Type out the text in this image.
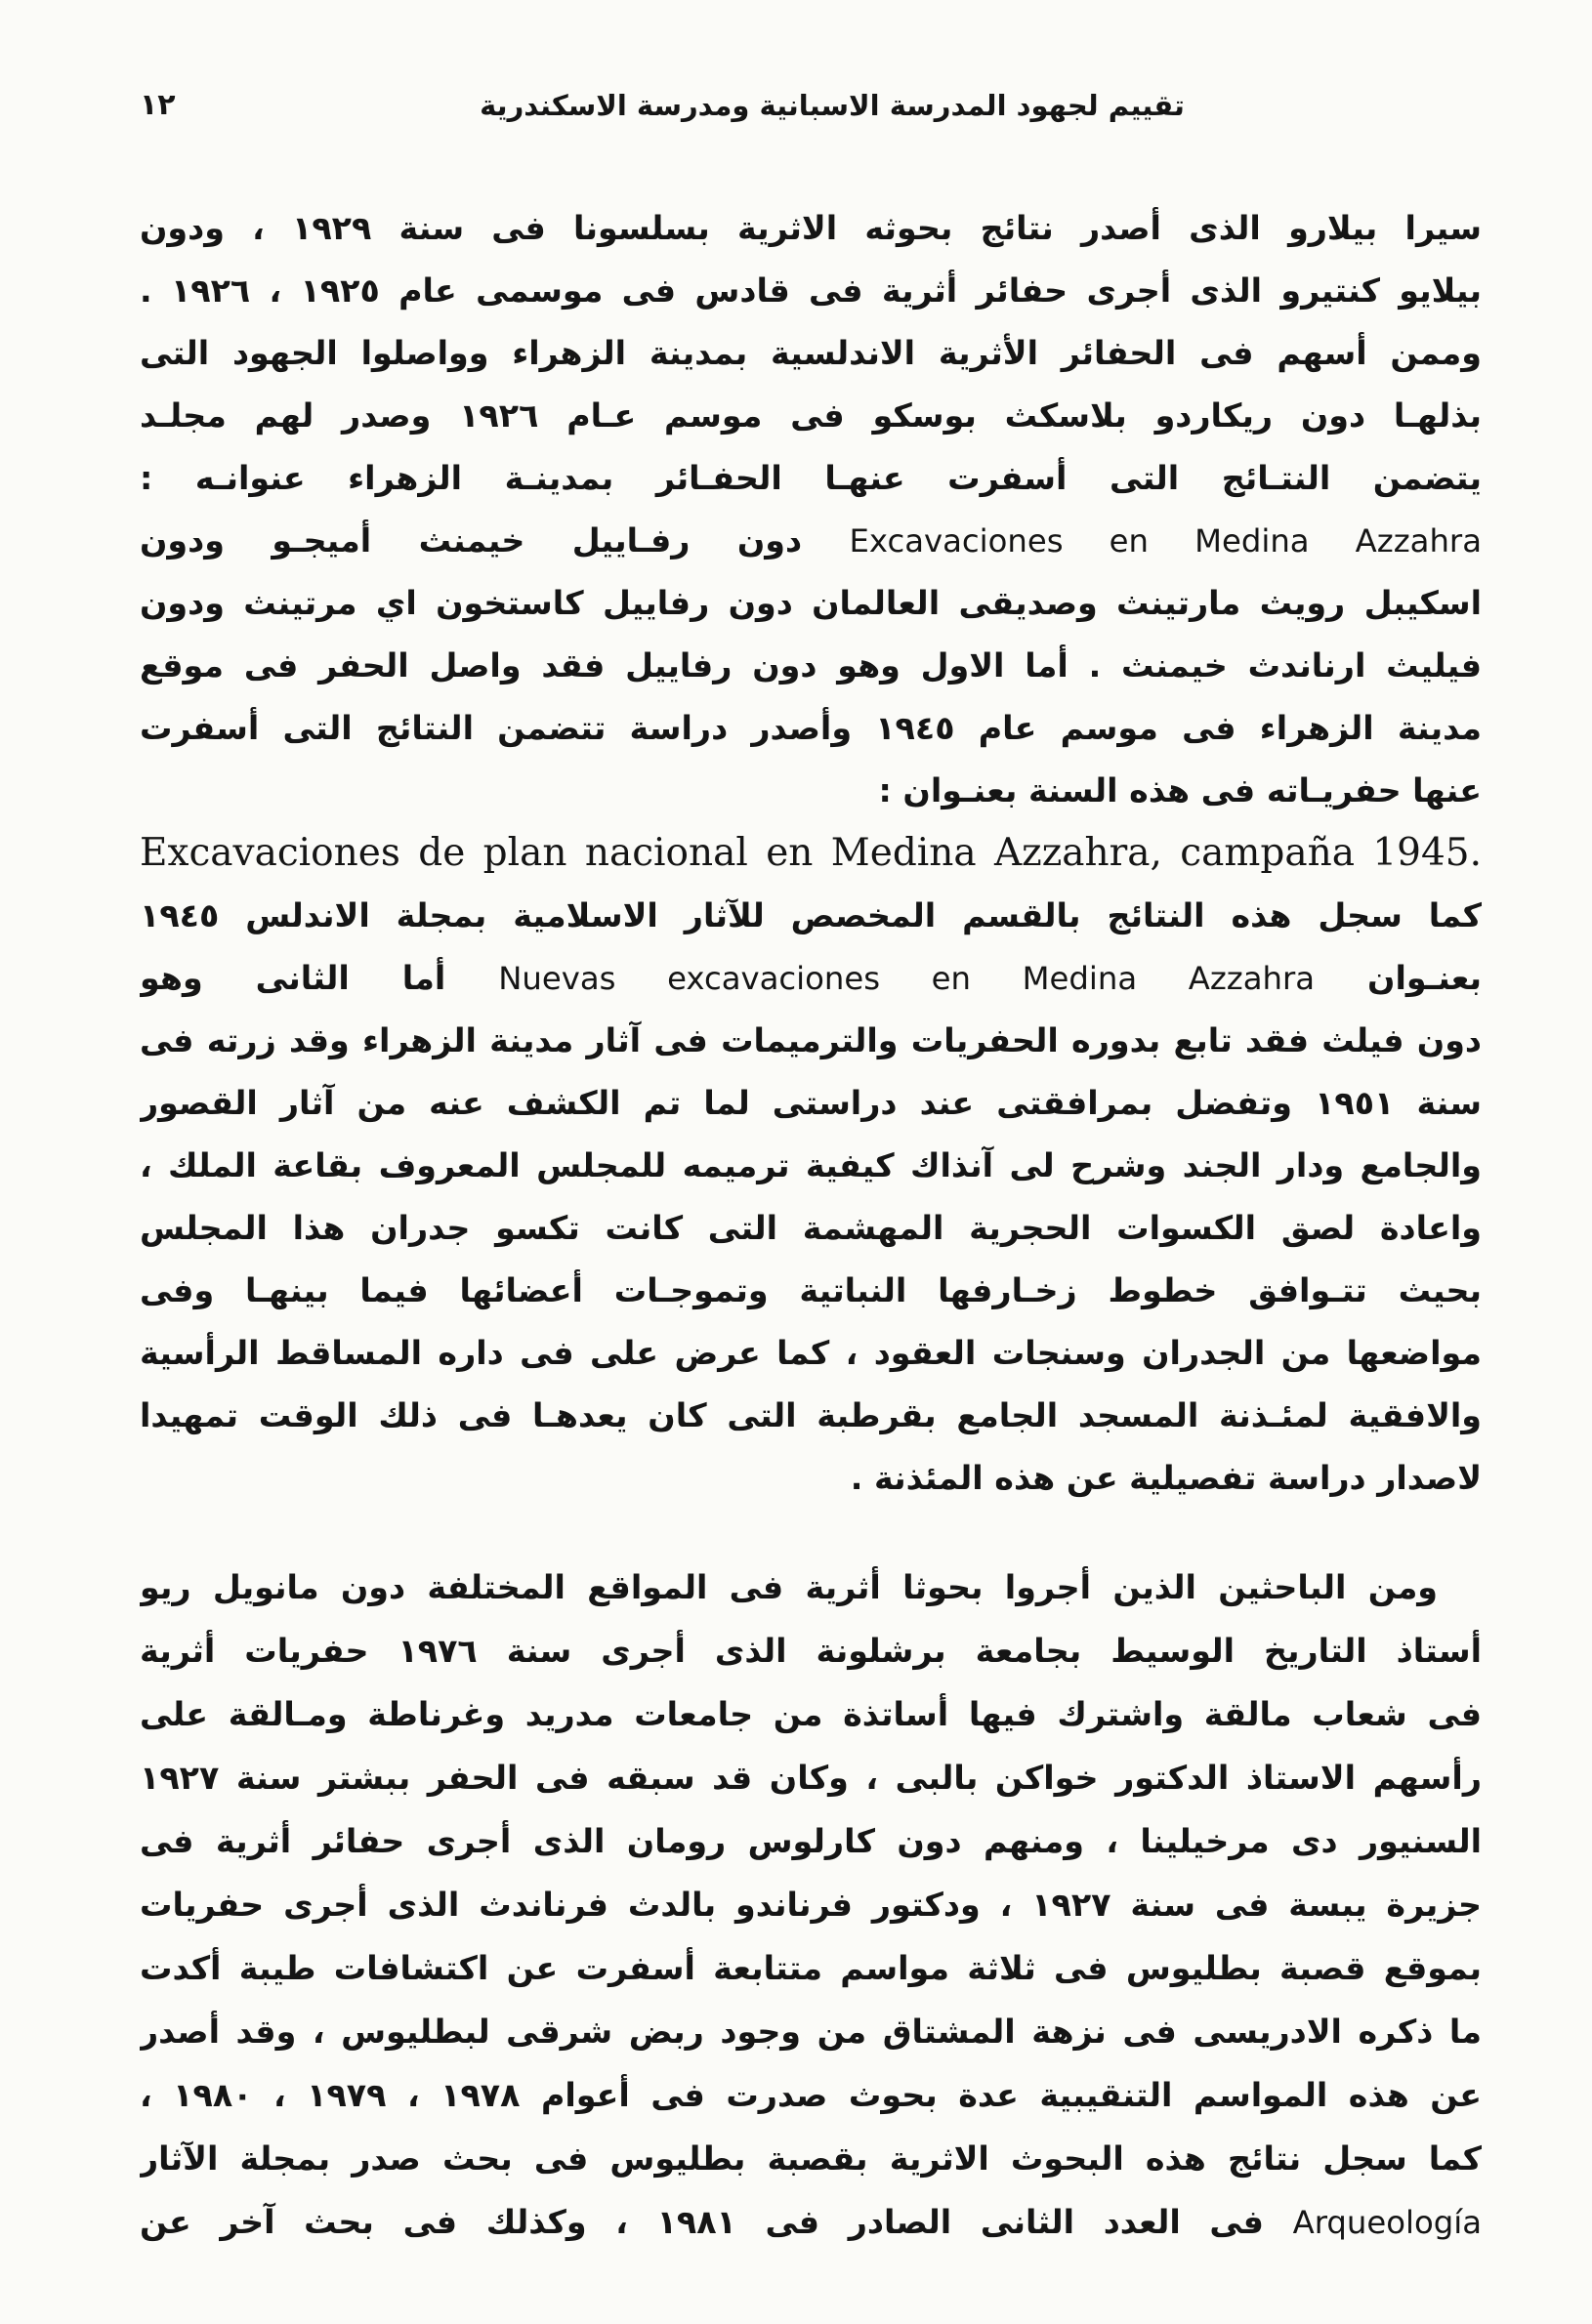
تقييم لجهود المدرسة الاسبانية ومدرسة الاسكندرية
١٢
سيرا بيلارو الذى أصدر نتائج بحوثه الاثرية بسلسونا فى سنة ١٩٢٩ ، ودون
بيلايو كنتيرو الذى أجرى حفائر أثرية فى قادس فى موسمى عام ١٩٢٥ ، ١٩٢٦ .
وممن أسهم فى الحفائر الأثرية الاندلسية بمدينة الزهراء وواصلوا الجهود التى
بذلهـا دون ريكاردو بلاسكث بوسكو فى موسم عـام ١٩٢٦ وصدر لهم مجلـد
يتضمن النتـائج التى أسفرت عنهـا الحفـائر بمدينـة الزهراء عنوانـه :
Excavaciones en Medina Azzahra دون رفـاييل خيمنث أميجـو ودون
اسكيبل رويث مارتينث وصديقى العالمان دون رفاييل كاستخون اي مرتينث ودون
فيليث ارناندث خيمنث . أما الاول وهو دون رفاييل فقد واصل الحفر فى موقع
مدينة الزهراء فى موسم عام ١٩٤٥ وأصدر دراسة تتضمن النتائج التى أسفرت
عنها حفريـاته فى هذه السنة بعنـوان :
Excavaciones de plan nacional en Medina Azzahra, campaña 1945.
كما سجل هذه النتائج بالقسم المخصص للآثار الاسلامية بمجلة الاندلس ١٩٤٥
بعنـوان Nuevas excavaciones en Medina Azzahra أما الثانى وهو
دون فيلث فقد تابع بدوره الحفريات والترميمات فى آثار مدينة الزهراء وقد زرته فى
سنة ١٩٥١ وتفضل بمرافقتى عند دراستى لما تم الكشف عنه من آثار القصور
والجامع ودار الجند وشرح لى آنذاك كيفية ترميمه للمجلس المعروف بقاعة الملك ،
واعادة لصق الكسوات الحجرية المهشمة التى كانت تكسو جدران هذا المجلس
بحيث تتـوافق خطوط زخـارفها النباتية وتموجـات أعضائها فيما بينهـا وفى
مواضعها من الجدران وسنجات العقود ، كما عرض على فى داره المساقط الرأسية
والافقية لمئـذنة المسجد الجامع بقرطبة التى كان يعدهـا فى ذلك الوقت تمهيدا
لاصدار دراسة تفصيلية عن هذه المئذنة .
ومن الباحثين الذين أجروا بحوثا أثرية فى المواقع المختلفة دون مانويل ريو
أستاذ التاريخ الوسيط بجامعة برشلونة الذى أجرى سنة ١٩٧٦ حفريات أثرية
فى شعاب مالقة واشترك فيها أساتذة من جامعات مدريد وغرناطة ومـالقة على
رأسهم الاستاذ الدكتور خواكن بالبى ، وكان قد سبقه فى الحفر ببشتر سنة ١٩٢٧
السنيور دى مرخيلينا ، ومنهم دون كارلوس رومان الذى أجرى حفائر أثرية فى
جزيرة يبسة فى سنة ١٩٢٧ ، ودكتور فرناندو بالدث فرناندث الذى أجرى حفريات
بموقع قصبة بطليوس فى ثلاثة مواسم متتابعة أسفرت عن اكتشافات طيبة أكدت
ما ذكره الادريسى فى نزهة المشتاق من وجود ربض شرقى لبطليوس ، وقد أصدر
عن هذه المواسم التنقيبية عدة بحوث صدرت فى أعوام ١٩٧٨ ، ١٩٧٩ ، ١٩٨٠ ،
كما سجل نتائج هذه البحوث الاثرية بقصبة بطليوس فى بحث صدر بمجلة الآثار
Arqueología فى العدد الثانى الصادر فى ١٩٨١ ، وكذلك فى بحث آخر عن
